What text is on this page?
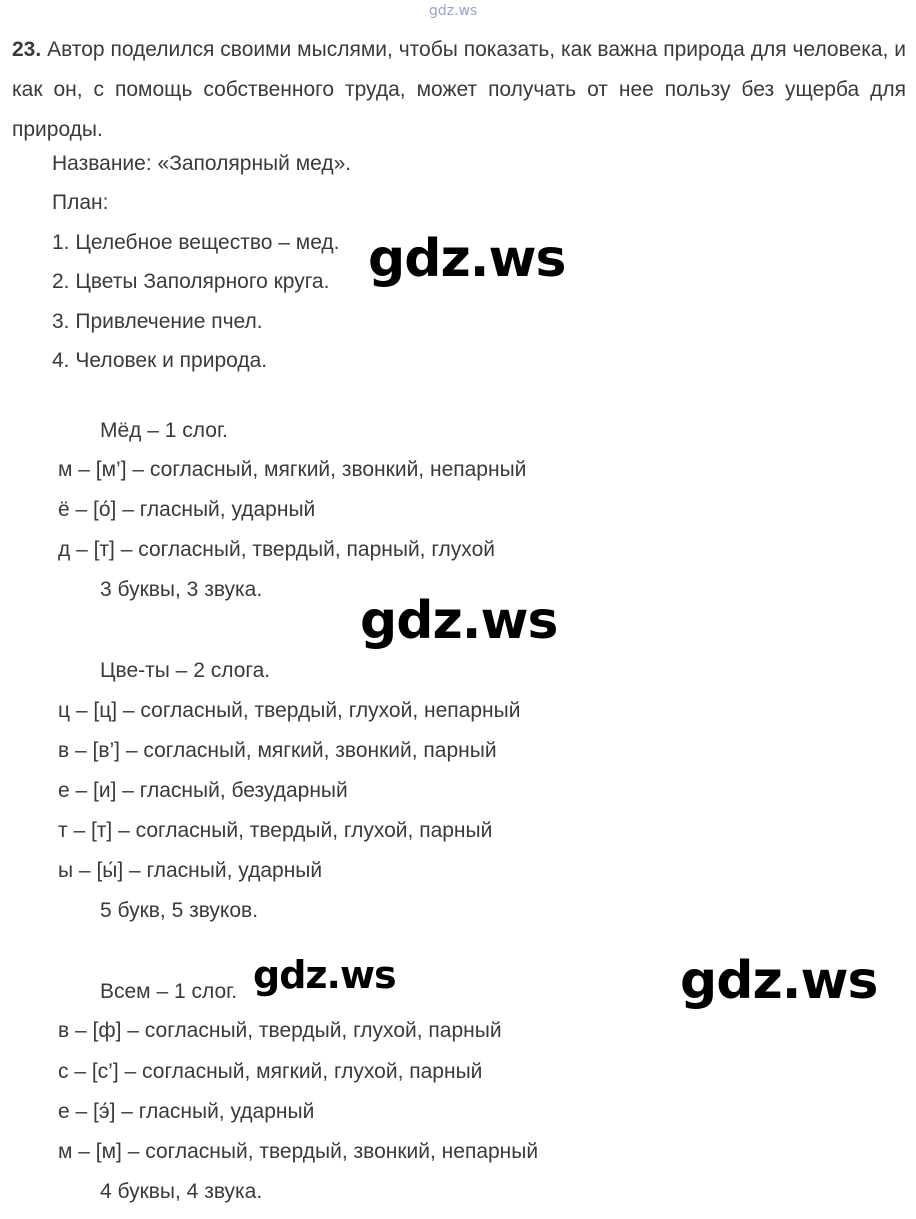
gdz.ws
23. Автор поделился своими мыслями, чтобы показать, как важна природа для человека, и как он, с помощь собственного труда, может получать от нее пользу без ущерба для природы.
Название: «Заполярный мед».
План:
1. Целебное вещество – мед.
2. Цветы Заполярного круга.
3. Привлечение пчел.
4. Человек и природа.
Мёд – 1 слог.
м – [м’] – согласный, мягкий, звонкий, непарный
ё – [о́] – гласный, ударный
д – [т] – согласный, твердый, парный, глухой
3 буквы, 3 звука.
Цве-ты – 2 слога.
ц – [ц] – согласный, твердый, глухой, непарный
в – [в’] – согласный, мягкий, звонкий, парный
е – [и] – гласный, безударный
т – [т] – согласный, твердый, глухой, парный
ы – [ы́] – гласный, ударный
5 букв, 5 звуков.
Всем – 1 слог.
в – [ф] – согласный, твердый, глухой, парный
с – [с’] – согласный, мягкий, глухой, парный
е – [э́] – гласный, ударный
м – [м] – согласный, твердый, звонкий, непарный
4 буквы, 4 звука.
gdz.ws
gdz.ws
gdz.ws	gdz.ws
